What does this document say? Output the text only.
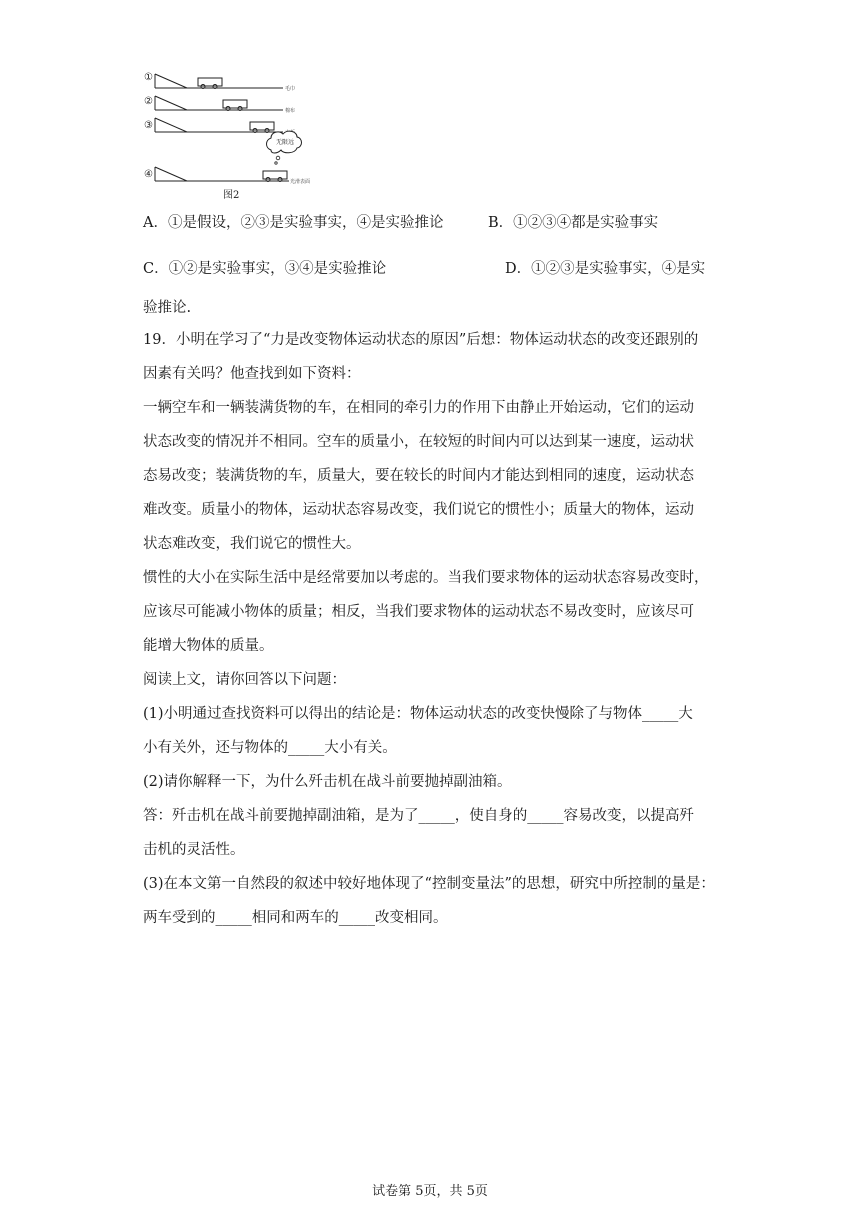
①
毛巾
②
棉布
③
④
光滑表面
无限远
图2
A．①是假设，②③是实验事实，④是实验推论	B．①②③④都是实验事实
C．①②是实验事实，③④是实验推论	D．①②③是实验事实，④是实
验推论.
19．小明在学习了“力是改变物体运动状态的原因”后想：物体运动状态的改变还跟别的
因素有关吗？他查找到如下资料：
一辆空车和一辆装满货物的车，在相同的牵引力的作用下由静止开始运动，它们的运动
状态改变的情况并不相同。空车的质量小，在较短的时间内可以达到某一速度，运动状
态易改变；装满货物的车，质量大，要在较长的时间内才能达到相同的速度，运动状态
难改变。质量小的物体，运动状态容易改变，我们说它的惯性小；质量大的物体，运动
状态难改变，我们说它的惯性大。
惯性的大小在实际生活中是经常要加以考虑的。当我们要求物体的运动状态容易改变时，
应该尽可能减小物体的质量；相反，当我们要求物体的运动状态不易改变时，应该尽可
能增大物体的质量。
阅读上文，请你回答以下问题：
(1)小明通过查找资料可以得出的结论是：物体运动状态的改变快慢除了与物体_____大
小有关外，还与物体的_____大小有关。
(2)请你解释一下，为什么歼击机在战斗前要抛掉副油箱。
答：歼击机在战斗前要抛掉副油箱，是为了_____，使自身的_____容易改变，以提高歼
击机的灵活性。
(3)在本文第一自然段的叙述中较好地体现了“控制变量法”的思想，研究中所控制的量是：
两车受到的_____相同和两车的_____改变相同。
试卷第 5页，共 5页
